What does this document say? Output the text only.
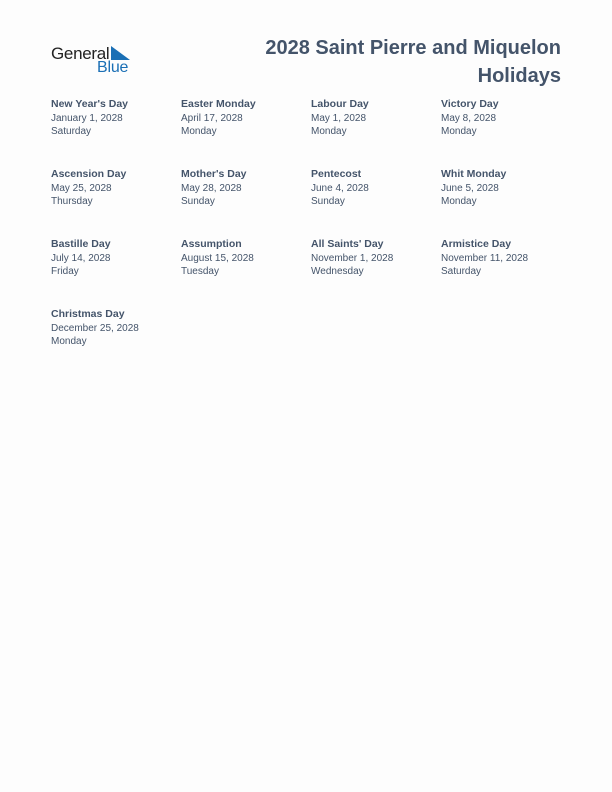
General
Blue
2028 Saint Pierre and Miquelon Holidays
New Year's Day
January 1, 2028
Saturday
Easter Monday
April 17, 2028
Monday
Labour Day
May 1, 2028
Monday
Victory Day
May 8, 2028
Monday
Ascension Day
May 25, 2028
Thursday
Mother's Day
May 28, 2028
Sunday
Pentecost
June 4, 2028
Sunday
Whit Monday
June 5, 2028
Monday
Bastille Day
July 14, 2028
Friday
Assumption
August 15, 2028
Tuesday
All Saints' Day
November 1, 2028
Wednesday
Armistice Day
November 11, 2028
Saturday
Christmas Day
December 25, 2028
Monday
